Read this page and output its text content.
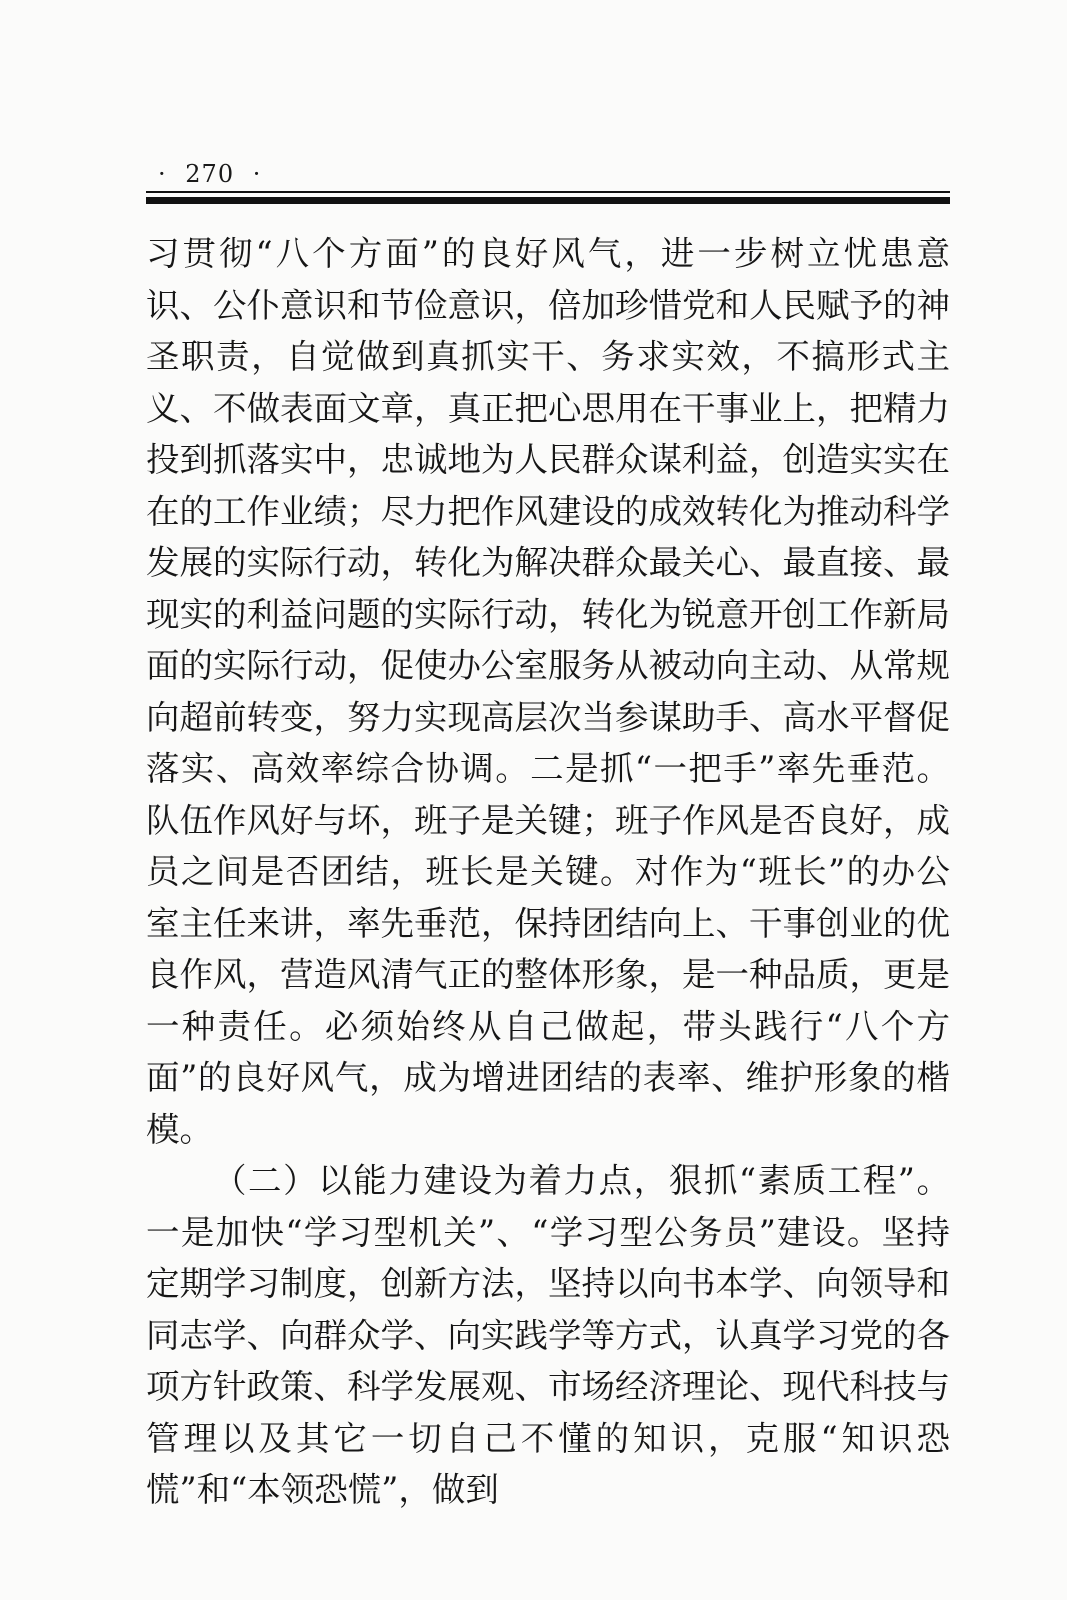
· 270 ·

习贯彻“八个方面”的良好风气，进一步树立忧患意识、公仆意识和节俭意识，倍加珍惜党和人民赋予的神圣职责，自觉做到真抓实干、务求实效，不搞形式主义、不做表面文章，真正把心思用在干事业上，把精力投到抓落实中，忠诚地为人民群众谋利益，创造实实在在的工作业绩；尽力把作风建设的成效转化为推动科学发展的实际行动，转化为解决群众最关心、最直接、最现实的利益问题的实际行动，转化为锐意开创工作新局面的实际行动，促使办公室服务从被动向主动、从常规向超前转变，努力实现高层次当参谋助手、高水平督促落实、高效率综合协调。二是抓“一把手”率先垂范。队伍作风好与坏，班子是关键；班子作风是否良好，成员之间是否团结，班长是关键。对作为“班长”的办公室主任来讲，率先垂范，保持团结向上、干事创业的优良作风，营造风清气正的整体形象，是一种品质，更是一种责任。必须始终从自己做起，带头践行“八个方面”的良好风气，成为增进团结的表率、维护形象的楷模。

（二）以能力建设为着力点，狠抓“素质工程”。一是加快“学习型机关”、“学习型公务员”建设。坚持定期学习制度，创新方法，坚持以向书本学、向领导和同志学、向群众学、向实践学等方式，认真学习党的各项方针政策、科学发展观、市场经济理论、现代科技与管理以及其它一切自己不懂的知识，克服“知识恐慌”和“本领恐慌”，做到
